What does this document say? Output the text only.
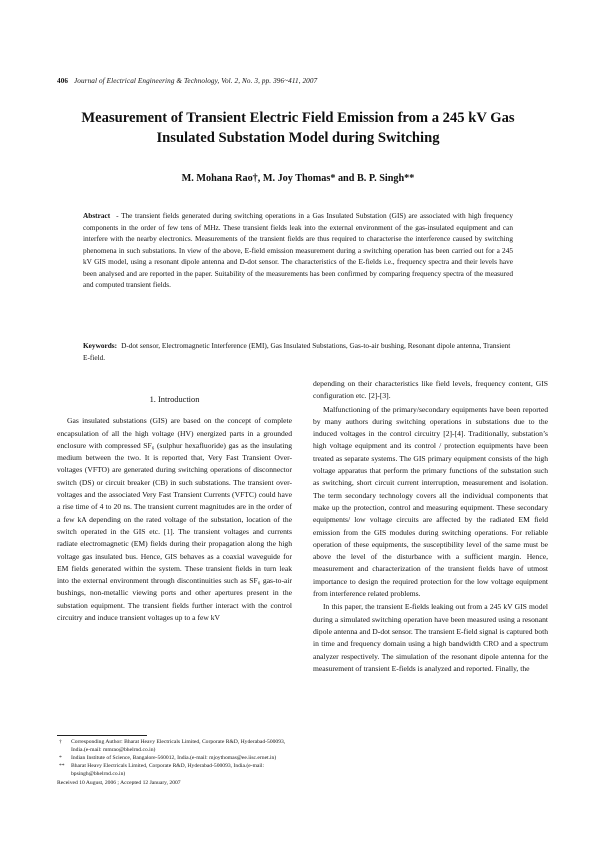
406 Journal of Electrical Engineering & Technology, Vol. 2, No. 3, pp. 396~411, 2007
Measurement of Transient Electric Field Emission from a 245 kV Gas Insulated Substation Model during Switching
M. Mohana Rao†, M. Joy Thomas* and B. P. Singh**
Abstract - The transient fields generated during switching operations in a Gas Insulated Substation (GIS) are associated with high frequency components in the order of few tens of MHz. These transient fields leak into the external environment of the gas-insulated equipment and can interfere with the nearby electronics. Measurements of the transient fields are thus required to characterise the interference caused by switching phenomena in such substations. In view of the above, E-field emission measurement during a switching operation has been carried out for a 245 kV GIS model, using a resonant dipole antenna and D-dot sensor. The characteristics of the E-fields i.e., frequency spectra and their levels have been analysed and are reported in the paper. Suitability of the measurements has been confirmed by comparing frequency spectra of the measured and computed transient fields.
Keywords: D-dot sensor, Electromagnetic Interference (EMI), Gas Insulated Substations, Gas-to-air bushing, Resonant dipole antenna, Transient E-field.
1. Introduction

Gas insulated substations (GIS) are based on the concept of complete encapsulation of all the high voltage (HV) energized parts in a grounded enclosure with compressed SF₆ (sulphur hexafluoride) gas as the insulating medium between the two. It is reported that, Very Fast Transient Over-voltages (VFTO) are generated during switching operations of disconnector switch (DS) or circuit breaker (CB) in such substations. The transient over-voltages and the associated Very Fast Transient Currents (VFTC) could have a rise time of 4 to 20 ns. The transient current magnitudes are in the order of a few kA depending on the rated voltage of the substation, location of the switch operated in the GIS etc. [1]. The transient voltages and currents radiate electromagnetic (EM) fields during their propagation along the high voltage gas insulated bus. Hence, GIS behaves as a coaxial waveguide for EM fields generated within the system. These transient fields in turn leak into the external environment through discontinuities such as SF₆ gas-to-air bushings, non-metallic viewing ports and other apertures present in the substation equipment. The transient fields further interact with the control circuitry and induce transient voltages up to a few kV

depending on their characteristics like field levels, frequency content, GIS configuration etc. [2]-[3].

Malfunctioning of the primary/secondary equipments have been reported by many authors during switching operations in substations due to the induced voltages in the control circuitry [2]-[4]. Traditionally, substation’s high voltage equipment and its control / protection equipments have been treated as separate systems. The GIS primary equipment consists of the high voltage apparatus that perform the primary functions of the substation such as switching, short circuit current interruption, measurement and isolation. The term secondary technology covers all the individual components that make up the protection, control and measuring equipment. These secondary equipments/ low voltage circuits are affected by the radiated EM field emission from the GIS modules during switching operations. For reliable operation of these equipments, the susceptibility level of the same must be above the level of the disturbance with a sufficient margin. Hence, measurement and characterization of the transient fields have of utmost importance to design the required protection for the low voltage equipment from interference related problems.

In this paper, the transient E-fields leaking out from a 245 kV GIS model during a simulated switching operation have been measured using a resonant dipole antenna and D-dot sensor. The transient E-field signal is captured both in time and frequency domain using a high bandwidth CRO and a spectrum analyzer respectively. The simulation of the resonant dipole antenna for the measurement of transient E-fields is analyzed and reported. Finally, the

† Corresponding Author: Bharat Heavy Electricals Limited, Corporate R&D, Hyderabad-500093, India.(e-mail: mmrao@bhelrnd.co.in)
* Indian Institute of Science, Bangalore-560012, India.(e-mail: mjoythomas@ee.iisc.ernet.in)
** Bharat Heavy Electricals Limited, Corporate R&D, Hyderabad-500093, India.(e-mail: bpsingh@bhelrnd.co.in)
Received 10 August, 2006 ; Accepted 12 January, 2007
